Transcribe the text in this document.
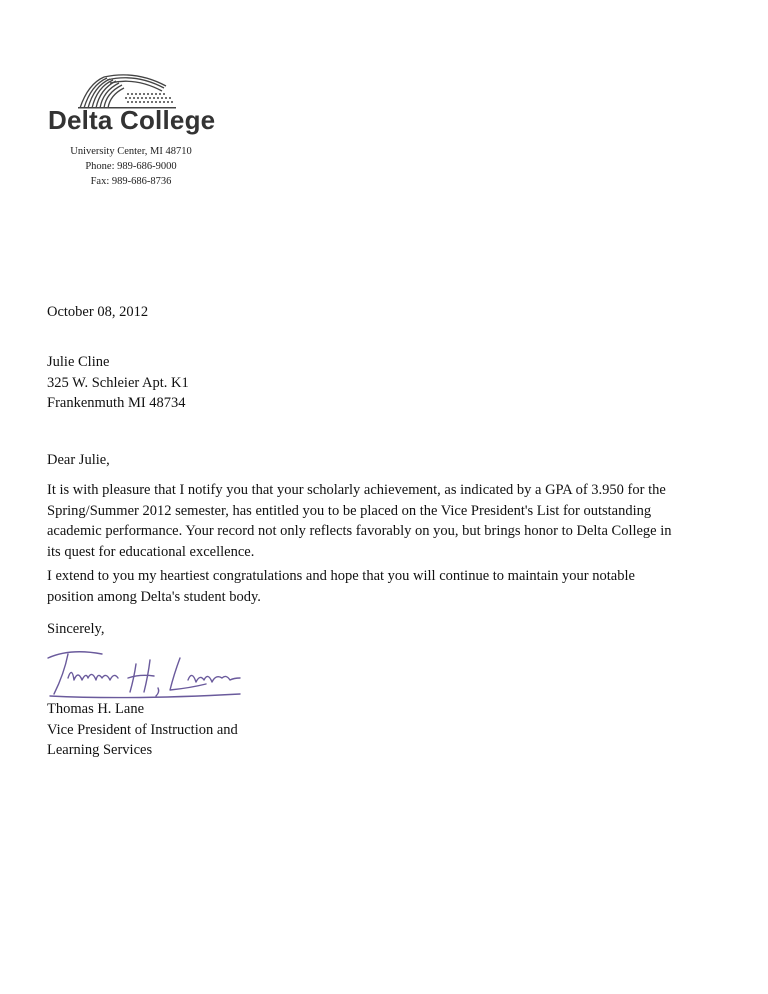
Delta College
University Center, MI 48710
Phone: 989-686-9000
Fax: 989-686-8736
October 08, 2012
Julie Cline
325 W. Schleier Apt. K1
Frankenmuth MI 48734
Dear Julie,
It is with pleasure that I notify you that your scholarly achievement, as indicated by a GPA of 3.950 for the
Spring/Summer 2012 semester, has entitled you to be placed on the Vice President's List for outstanding
academic performance. Your record not only reflects favorably on you, but brings honor to Delta College in
its quest for educational excellence.
I extend to you my heartiest congratulations and hope that you will continue to maintain your notable
position among Delta's student body.
Sincerely,
Thomas H. Lane
Vice President of Instruction and
Learning Services
